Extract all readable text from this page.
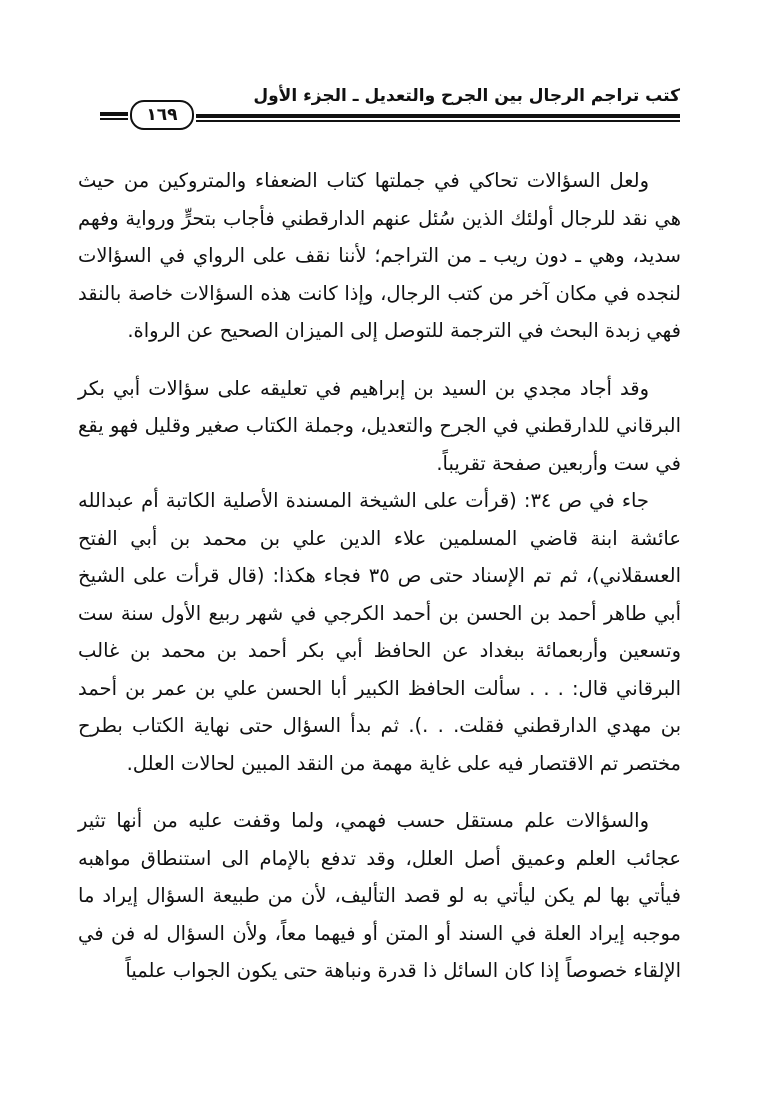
كتب تراجم الرجال بين الجرح والتعديل ـ الجزء الأول
١٦٩

ولعل السؤالات تحاكي في جملتها كتاب الضعفاء والمتروكين من حيث هي نقد للرجال أولئك الذين سُئل عنهم الدارقطني فأجاب بتحرٍّ ورواية وفهم سديد، وهي ـ دون ريب ـ من التراجم؛ لأننا نقف على الرواي في السؤالات لنجده في مكان آخر من كتب الرجال، وإذا كانت هذه السؤالات خاصة بالنقد فهي زبدة البحث في الترجمة للتوصل إلى الميزان الصحيح عن الرواة.

وقد أجاد مجدي بن السيد بن إبراهيم في تعليقه على سؤالات أبي بكر البرقاني للدارقطني في الجرح والتعديل، وجملة الكتاب صغير وقليل فهو يقع في ست وأربعين صفحة تقريباً.

جاء في ص ٣٤: (قرأت على الشيخة المسندة الأصلية الكاتبة أم عبدالله عائشة ابنة قاضي المسلمين علاء الدين علي بن محمد بن أبي الفتح العسقلاني)، ثم تم الإسناد حتى ص ٣٥ فجاء هكذا: (قال قرأت على الشيخ أبي طاهر أحمد بن الحسن بن أحمد الكرجي في شهر ربيع الأول سنة ست وتسعين وأربعمائة ببغداد عن الحافظ أبي بكر أحمد بن محمد بن غالب البرقاني قال: . . . سألت الحافظ الكبير أبا الحسن علي بن عمر بن أحمد بن مهدي الدارقطني فقلت. . .). ثم بدأ السؤال حتى نهاية الكتاب بطرح مختصر تم الاقتصار فيه على غاية مهمة من النقد المبين لحالات العلل.

والسؤالات علم مستقل حسب فهمي، ولما وقفت عليه من أنها تثير عجائب العلم وعميق أصل العلل، وقد تدفع بالإمام الى استنطاق مواهبه فيأتي بها لم يكن ليأتي به لو قصد التأليف، لأن من طبيعة السؤال إيراد ما موجبه إيراد العلة في السند أو المتن أو فيهما معاً، ولأن السؤال له فن في الإلقاء خصوصاً إذا كان السائل ذا قدرة ونباهة حتى يكون الجواب علمياً
